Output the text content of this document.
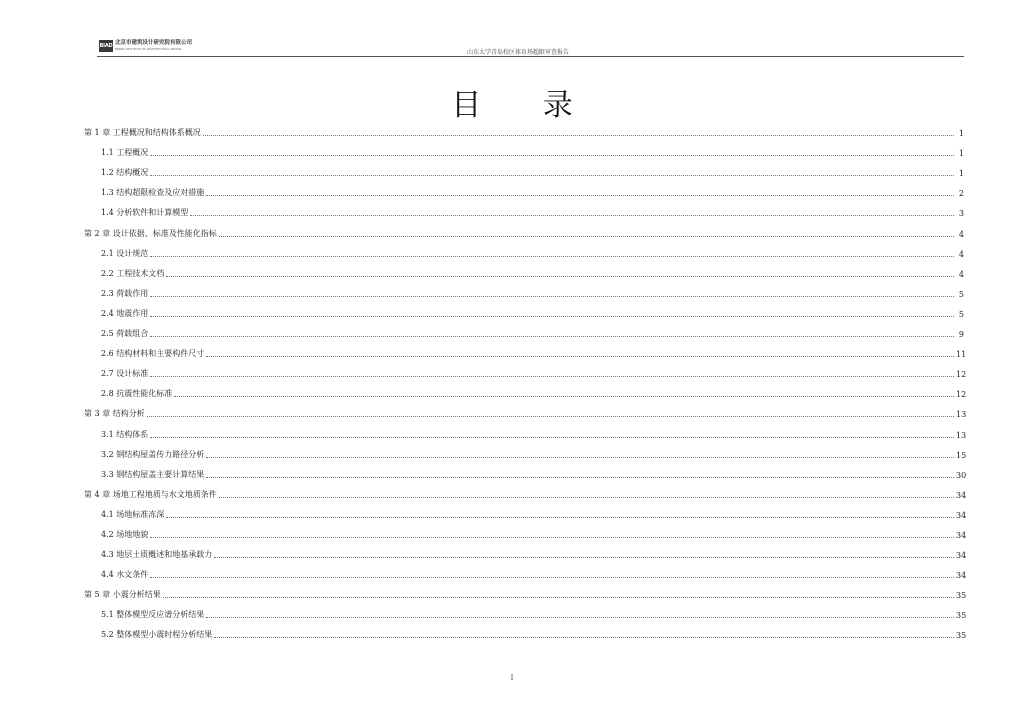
BIAD 北京市建筑设计研究院有限公司
BEIJING INSTITUTE OF ARCHITECTURAL DESIGN
山东大学青岛校区体育场超限审查报告
目 录
第 1 章 工程概况和结构体系概况	1
1.1 工程概况	1
1.2 结构概况	1
1.3 结构超限检查及应对措施	2
1.4 分析软件和计算模型	3
第 2 章 设计依据、标准及性能化指标	4
2.1 设计规范	4
2.2 工程技术文档	4
2.3 荷载作用	5
2.4 地震作用	5
2.5 荷载组合	9
2.6 结构材料和主要构件尺寸	11
2.7 设计标准	12
2.8 抗震性能化标准	12
第 3 章 结构分析	13
3.1 结构体系	13
3.2 钢结构屋盖传力路径分析	15
3.3 钢结构屋盖主要计算结果	30
第 4 章 场地工程地质与水文地质条件	34
4.1 场地标准冻深	34
4.2 场地地貌	34
4.3 地层土质概述和地基承载力	34
4.4 水文条件	34
第 5 章 小震分析结果	35
5.1 整体模型反应谱分析结果	35
5.2 整体模型小震时程分析结果	35
I
